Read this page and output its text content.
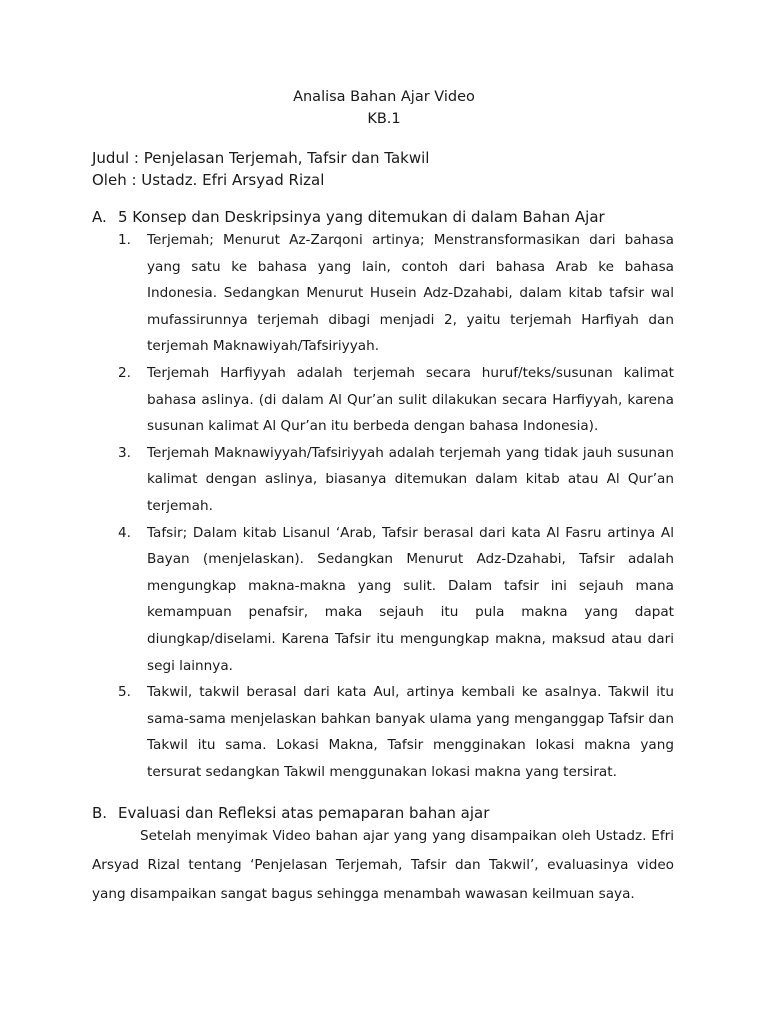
Analisa Bahan Ajar Video
KB.1
Judul : Penjelasan Terjemah, Tafsir dan Takwil
Oleh : Ustadz. Efri Arsyad Rizal
A. 5 Konsep dan Deskripsinya yang ditemukan di dalam Bahan Ajar
1. Terjemah; Menurut Az-Zarqoni artinya; Menstransformasikan dari bahasa yang satu ke bahasa yang lain, contoh dari bahasa Arab ke bahasa Indonesia. Sedangkan Menurut Husein Adz-Dzahabi, dalam kitab tafsir wal mufassirunnya terjemah dibagi menjadi 2, yaitu terjemah Harfiyah dan terjemah Maknawiyah/Tafsiriyyah.
2. Terjemah Harfiyyah adalah terjemah secara huruf/teks/susunan kalimat bahasa aslinya. (di dalam Al Qur’an sulit dilakukan secara Harfiyyah, karena susunan kalimat Al Qur’an itu berbeda dengan bahasa Indonesia).
3. Terjemah Maknawiyyah/Tafsiriyyah adalah terjemah yang tidak jauh susunan kalimat dengan aslinya, biasanya ditemukan dalam kitab atau Al Qur’an terjemah.
4. Tafsir; Dalam kitab Lisanul ‘Arab, Tafsir berasal dari kata Al Fasru artinya Al Bayan (menjelaskan). Sedangkan Menurut Adz-Dzahabi, Tafsir adalah mengungkap makna-makna yang sulit. Dalam tafsir ini sejauh mana kemampuan penafsir, maka sejauh itu pula makna yang dapat diungkap/diselami. Karena Tafsir itu mengungkap makna, maksud atau dari segi lainnya.
5. Takwil, takwil berasal dari kata Aul, artinya kembali ke asalnya. Takwil itu sama-sama menjelaskan bahkan banyak ulama yang menganggap Tafsir dan Takwil itu sama. Lokasi Makna, Tafsir mengginakan lokasi makna yang tersurat sedangkan Takwil menggunakan lokasi makna yang tersirat.
B. Evaluasi dan Refleksi atas pemaparan bahan ajar

Setelah menyimak Video bahan ajar yang yang disampaikan oleh Ustadz. Efri Arsyad Rizal tentang ‘Penjelasan Terjemah, Tafsir dan Takwil’, evaluasinya video yang disampaikan sangat bagus sehingga menambah wawasan keilmuan saya.
